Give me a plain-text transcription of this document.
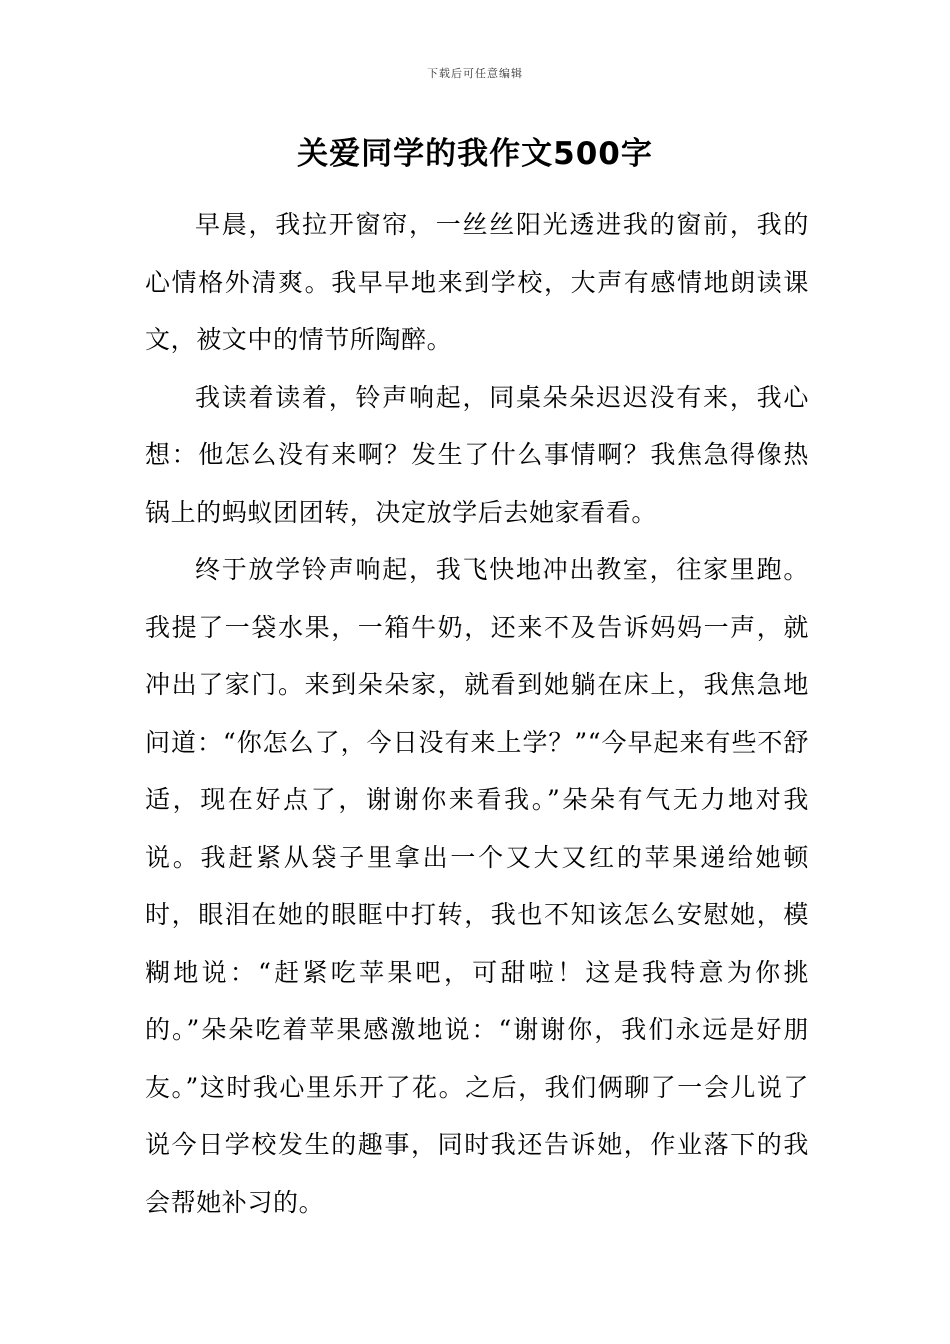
下载后可任意编辑
关爱同学的我作文500字

早晨，我拉开窗帘，一丝丝阳光透进我的窗前，我的心情格外清爽。我早早地来到学校，大声有感情地朗读课文，被文中的情节所陶醉。

我读着读着，铃声响起，同桌朵朵迟迟没有来，我心想：他怎么没有来啊？发生了什么事情啊？我焦急得像热锅上的蚂蚁团团转，决定放学后去她家看看。

终于放学铃声响起，我飞快地冲出教室，往家里跑。我提了一袋水果，一箱牛奶，还来不及告诉妈妈一声，就冲出了家门。来到朵朵家，就看到她躺在床上，我焦急地问道：“你怎么了，今日没有来上学？”“今早起来有些不舒适，现在好点了，谢谢你来看我。”朵朵有气无力地对我说。我赶紧从袋子里拿出一个又大又红的苹果递给她顿时，眼泪在她的眼眶中打转，我也不知该怎么安慰她，模糊地说：“赶紧吃苹果吧，可甜啦！这是我特意为你挑的。”朵朵吃着苹果感激地说：“谢谢你，我们永远是好朋友。”这时我心里乐开了花。之后，我们俩聊了一会儿说了说今日学校发生的趣事，同时我还告诉她，作业落下的我会帮她补习的。
